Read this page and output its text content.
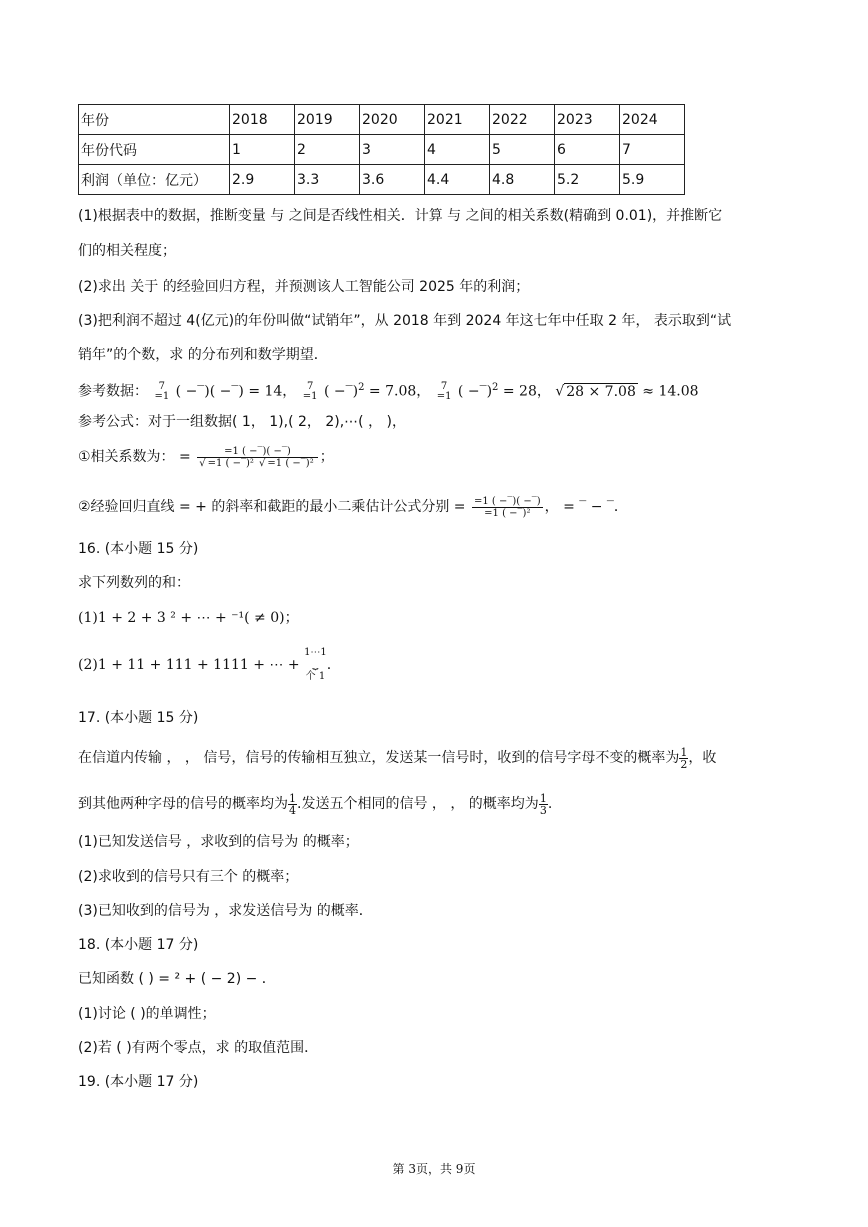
年份	2018	2019	2020	2021	2022	2023	2024
年份代码	1	2	3	4	5	6	7
利润（单位：亿元）	2.9	3.3	3.6	4.4	4.8	5.2	5.9
(1)根据表中的数据，推断变量 与 之间是否线性相关．计算 与 之间的相关系数(精确到 0.01)，并推断它
们的相关程度；
(2)求出 关于 的经验回归方程，并预测该人工智能公司 2025 年的利润；
(3)把利润不超过 4(亿元)的年份叫做“试销年”，从 2018 年到 2024 年这七年中任取 2 年， 表示取到“试
销年”的个数，求 的分布列和数学期望．
参考数据：	7
=1 ( −‾)( −‾) = 14，	7
=1 ( −‾)$^2$ = 7.08，	7
=1 ( −‾)$^2$ = 28， √ 28 × 7.08 ≈ 14.08
参考公式：对于一组数据( 1， 1),( 2， 2),⋯( ， )，
①相关系数为： = $\frac{=1 ( -‾)( -‾)}{\text{√ =1 ( −‾)² √ =1 ( −‾)²}}$ ；
②经验回归直线 = + 的斜率和截距的最小二乘估计公式分别 = $\frac{=1 ( -‾)( -‾)}{\text{=1 ( −‾)²}}$ ， = ‾ − ‾．
16. (本小题 15 分)
求下列数列的和：
(1)1 + 2 + 3 ² + ⋯ + ⁻¹( ≠ 0)；
(2)1 + 11 + 111 + 1111 + ⋯ +
1⋯1
⏟
个 1
.
17. (本小题 15 分)
在信道内传输 ， ， 信号，信号的传输相互独立，发送某一信号时，收到的信号字母不变的概率为 $\frac{1}{2}$ ，收
到其他两种字母的信号的概率均为 $\frac{1}{4}$ .发送五个相同的信号 ， ， 的概率均为 $\frac{1}{3}$ .
(1)已知发送信号 ，求收到的信号为 的概率；
(2)求收到的信号只有三个 的概率；
(3)已知收到的信号为 ，求发送信号为 的概率．
18. (本小题 17 分)
已知函数 ( ) = ² + ( − 2) − ．
(1)讨论 ( )的单调性；
(2)若 ( )有两个零点，求 的取值范围．
19. (本小题 17 分)
第 3页，共 9页
